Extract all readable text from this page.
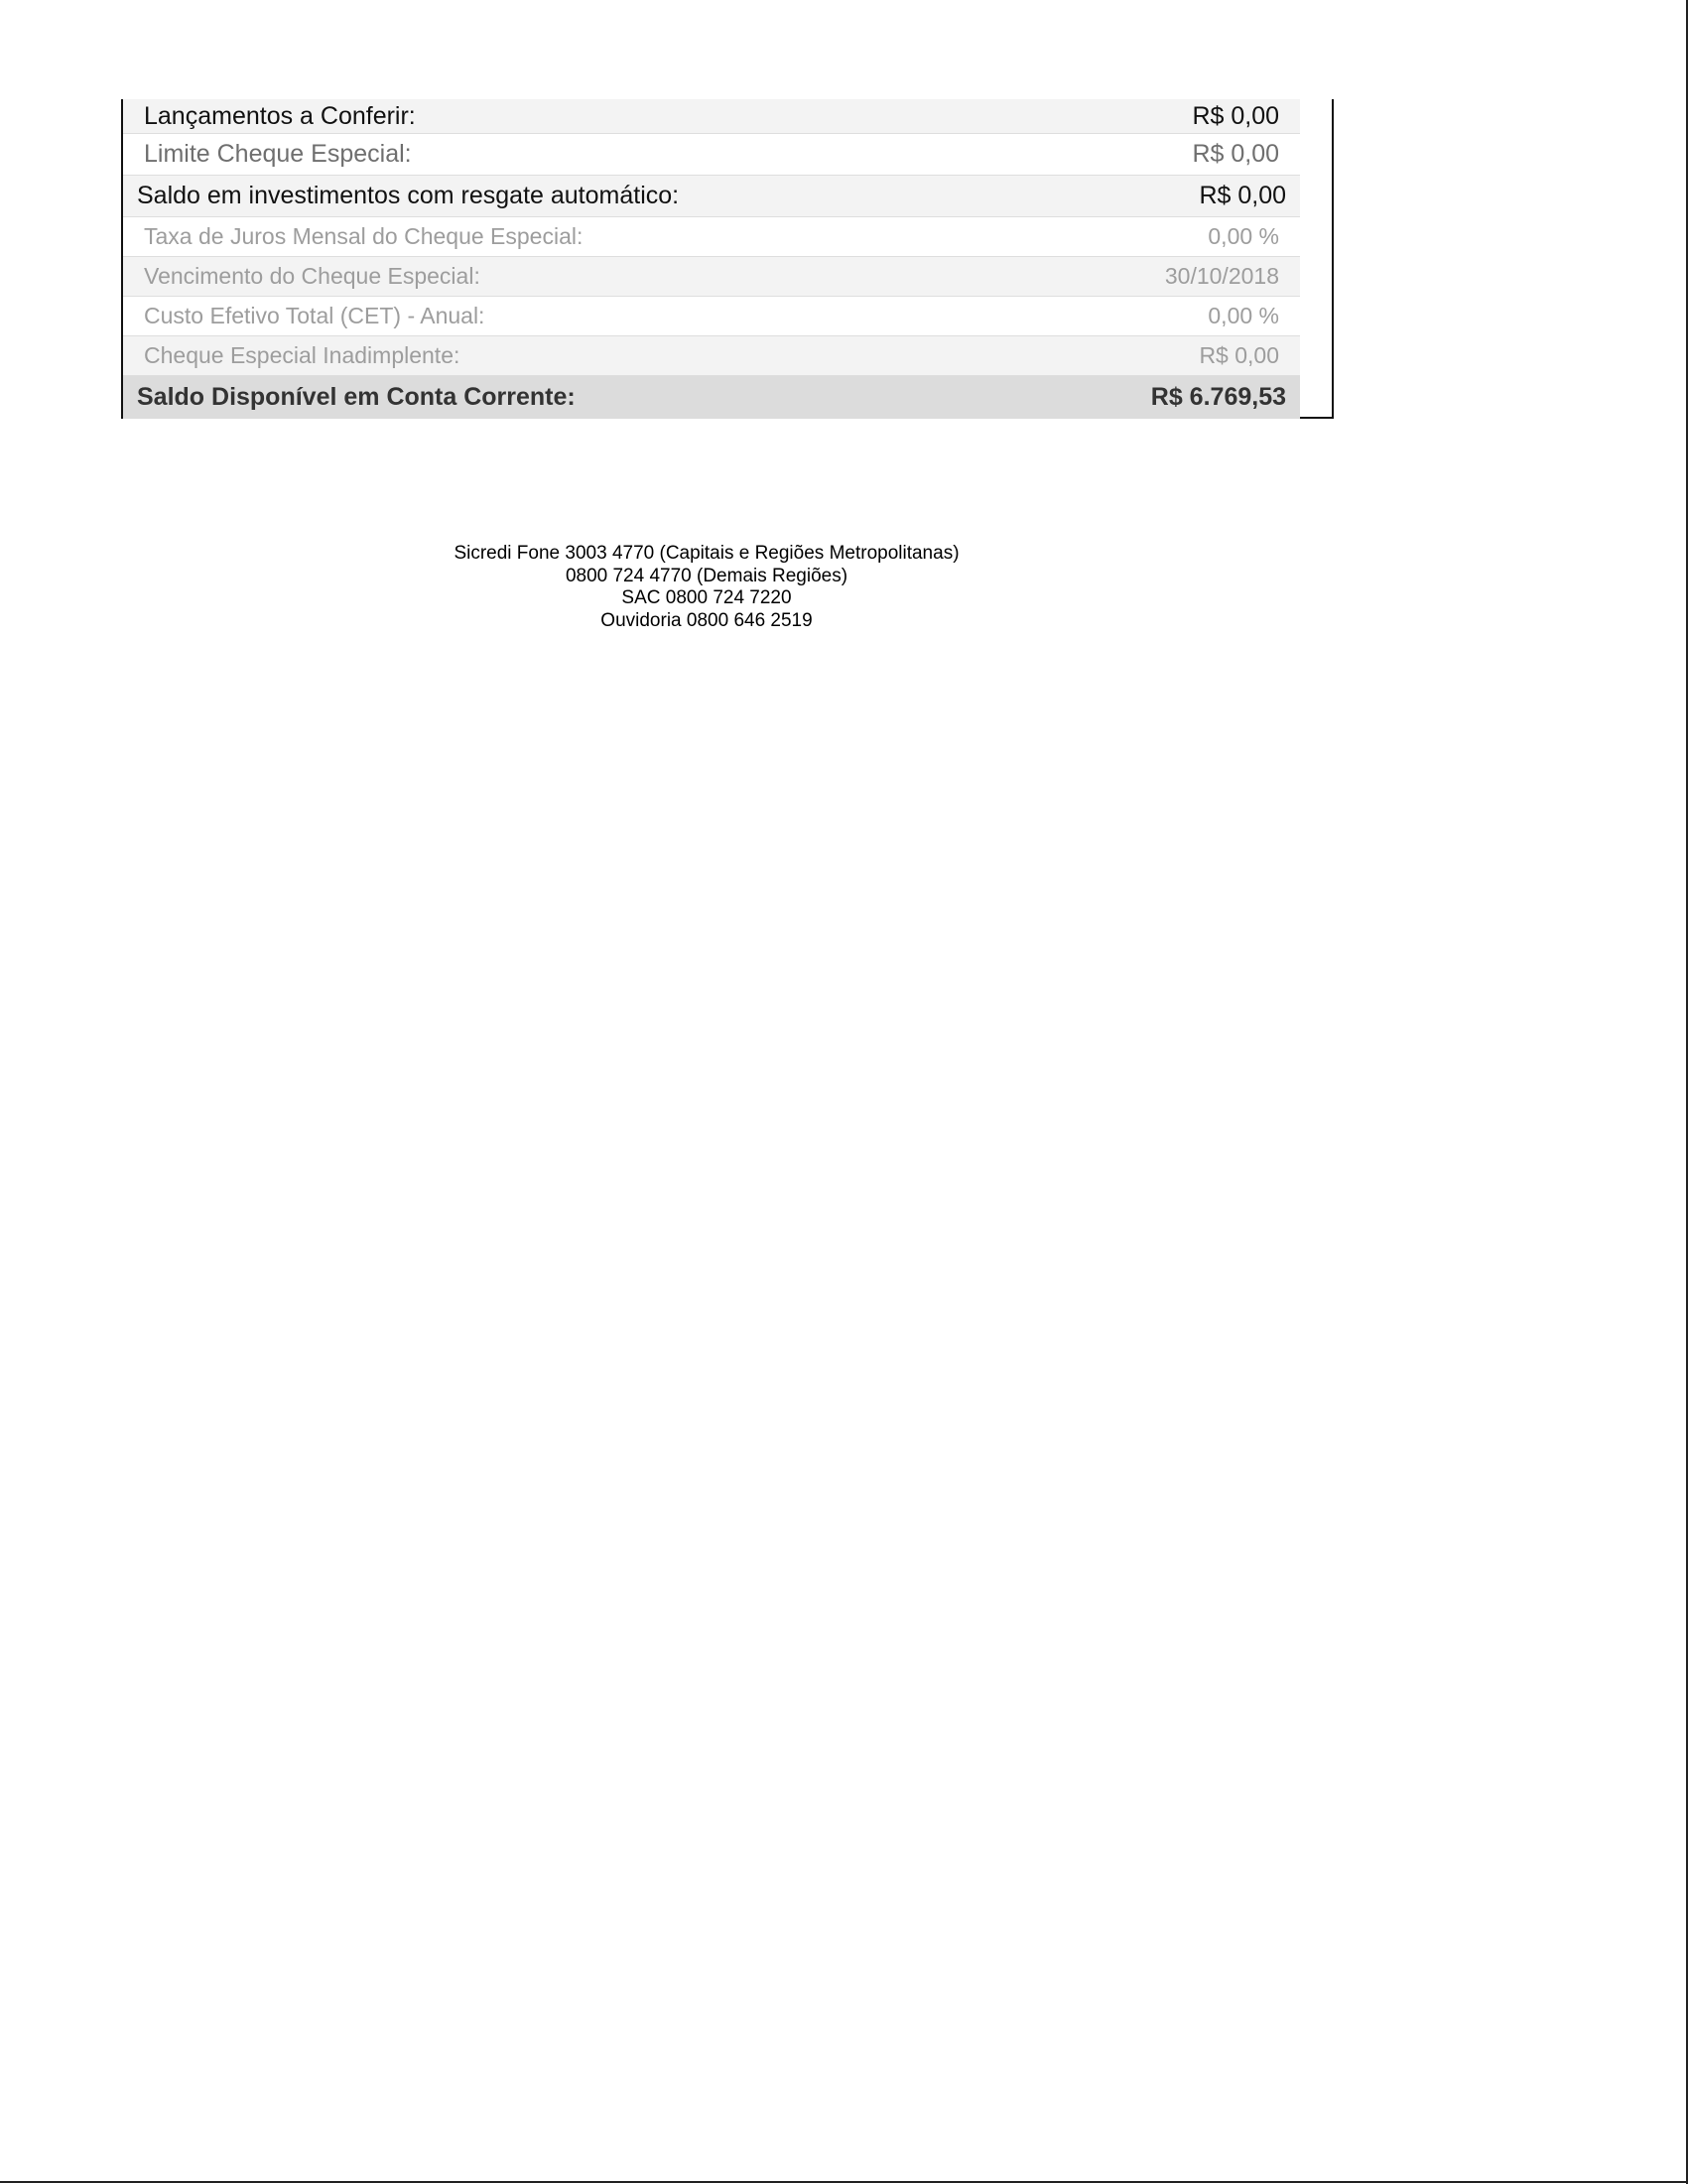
Lançamentos a Conferir:	R$ 0,00
Limite Cheque Especial:	R$ 0,00
Saldo em investimentos com resgate automático:	R$ 0,00
Taxa de Juros Mensal do Cheque Especial:	0,00 %
Vencimento do Cheque Especial:	30/10/2018
Custo Efetivo Total (CET) - Anual:	0,00 %
Cheque Especial Inadimplente:	R$ 0,00
Saldo Disponível em Conta Corrente:	R$ 6.769,53
Sicredi Fone 3003 4770 (Capitais e Regiões Metropolitanas)
0800 724 4770 (Demais Regiões)
SAC 0800 724 7220
Ouvidoria 0800 646 2519
